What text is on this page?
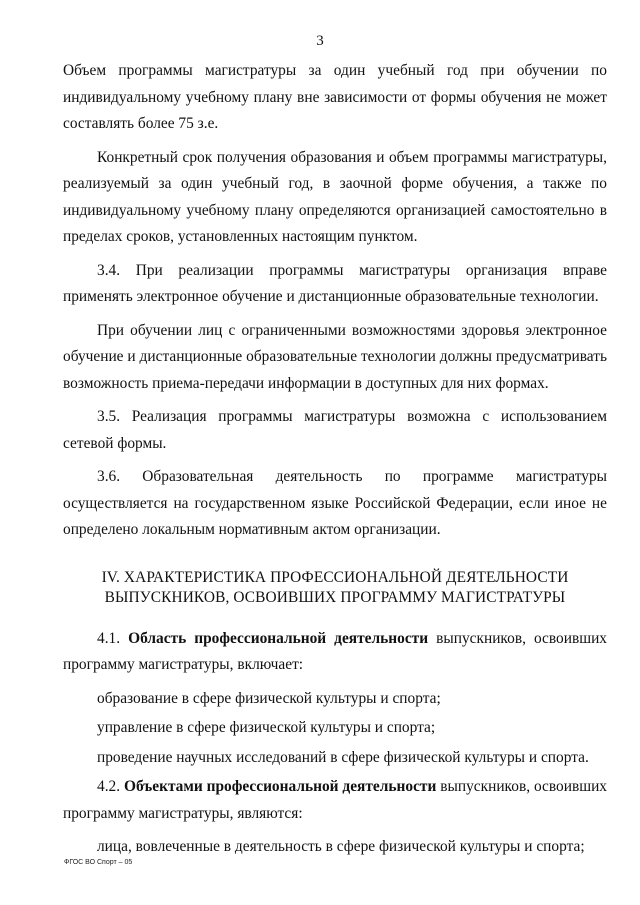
3

Объем программы магистратуры за один учебный год при обучении по индивидуальному учебному плану вне зависимости от формы обучения не может составлять более 75 з.е.

Конкретный срок получения образования и объем программы магистратуры, реализуемый за один учебный год, в заочной форме обучения, а также по индивидуальному учебному плану определяются организацией самостоятельно в пределах сроков, установленных настоящим пунктом.

3.4. При реализации программы магистратуры организация вправе применять электронное обучение и дистанционные образовательные технологии.

При обучении лиц с ограниченными возможностями здоровья электронное обучение и дистанционные образовательные технологии должны предусматривать возможность приема-передачи информации в доступных для них формах.

3.5. Реализация программы магистратуры возможна с использованием сетевой формы.

3.6. Образовательная деятельность по программе магистратуры осуществляется на государственном языке Российской Федерации, если иное не определено локальным нормативным актом организации.

IV. ХАРАКТЕРИСТИКА ПРОФЕССИОНАЛЬНОЙ ДЕЯТЕЛЬНОСТИ
ВЫПУСКНИКОВ, ОСВОИВШИХ ПРОГРАММУ МАГИСТРАТУРЫ

4.1. Область профессиональной деятельности выпускников, освоивших программу магистратуры, включает:

образование в сфере физической культуры и спорта;

управление в сфере физической культуры и спорта;

проведение научных исследований в сфере физической культуры и спорта.

4.2. Объектами профессиональной деятельности выпускников, освоивших программу магистратуры, являются:

лица, вовлеченные в деятельность в сфере физической культуры и спорта;

ФГОС ВО Спорт – 05
